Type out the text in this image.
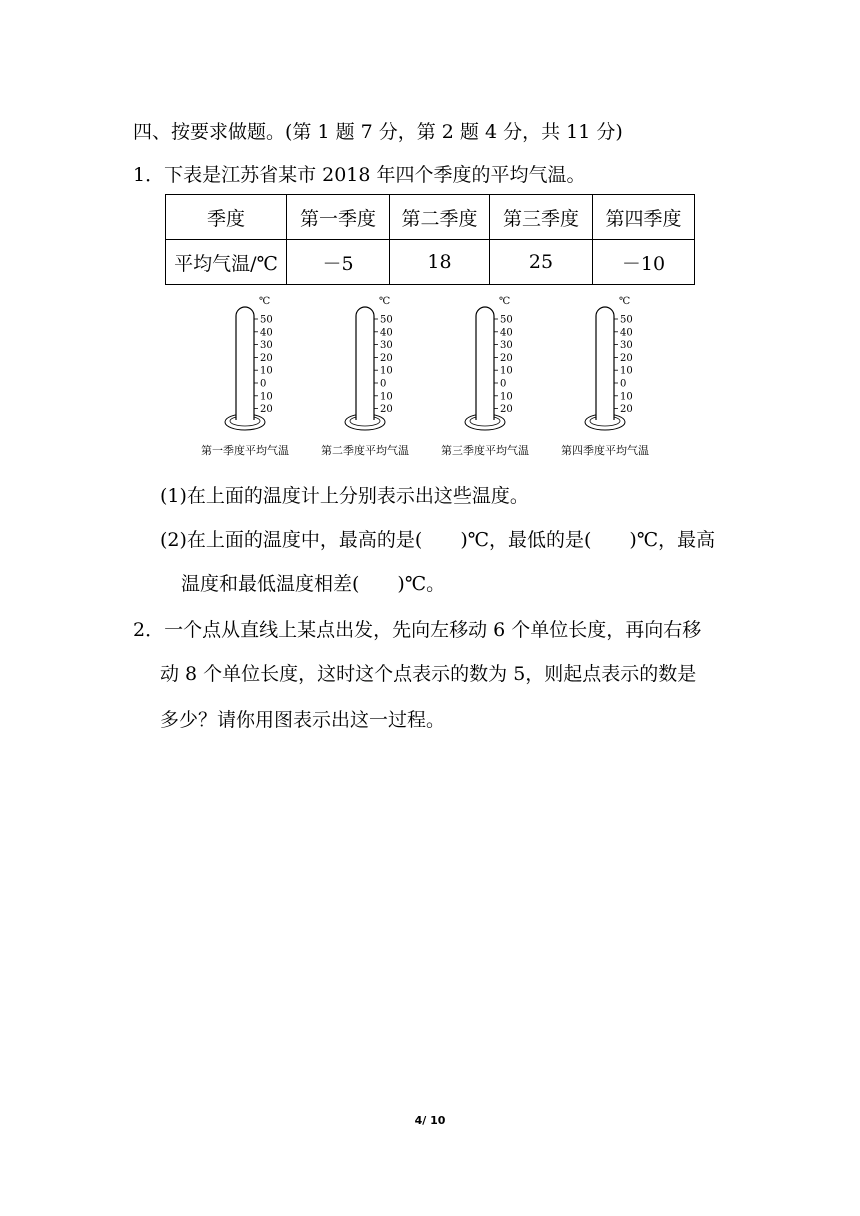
四、按要求做题。(第 1 题 7 分，第 2 题 4 分，共 11 分)
1．下表是江苏省某市 2018 年四个季度的平均气温。
季度	第一季度	第二季度	第三季度	第四季度
平均气温/℃	－5	18	25	－10
℃
50
40
30
20
10
0
10
20
第一季度平均气温
℃
50
40
30
20
10
0
10
20
第二季度平均气温
℃
50
40
30
20
10
0
10
20
第三季度平均气温
℃
50
40
30
20
10
0
10
20
第四季度平均气温
(1)在上面的温度计上分别表示出这些温度。
(2)在上面的温度中，最高的是(　　)℃，最低的是(　　)℃，最高
温度和最低温度相差(　　)℃。
2．一个点从直线上某点出发，先向左移动 6 个单位长度，再向右移
动 8 个单位长度，这时这个点表示的数为 5，则起点表示的数是
多少？请你用图表示出这一过程。
4/ 10
